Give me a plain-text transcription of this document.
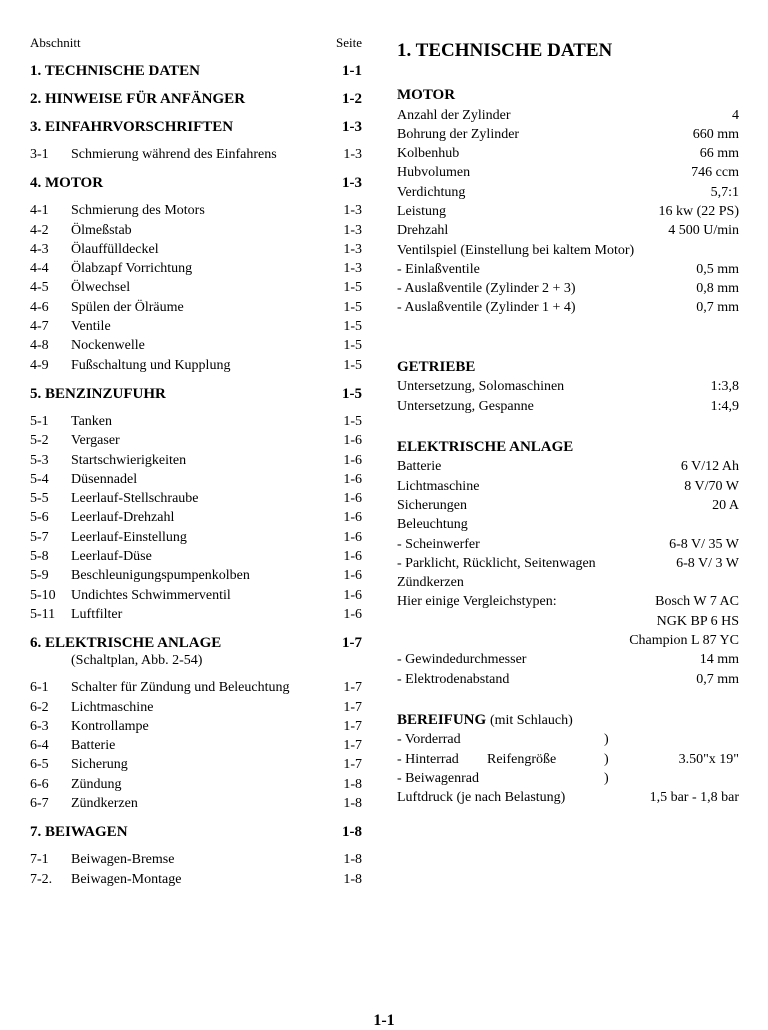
Abschnitt	Seite
1. TECHNISCHE DATEN	1-1
2. HINWEISE FÜR ANFÄNGER	1-2
3. EINFAHRVORSCHRIFTEN	1-3
3-1	Schmierung während des Einfahrens	1-3
4. MOTOR	1-3
4-1	Schmierung des Motors	1-3
4-2	Ölmeßstab	1-3
4-3	Ölauffülldeckel	1-3
4-4	Ölabzapf Vorrichtung	1-3
4-5	Ölwechsel	1-5
4-6	Spülen der Ölräume	1-5
4-7	Ventile	1-5
4-8	Nockenwelle	1-5
4-9	Fußschaltung und Kupplung	1-5
5. BENZINZUFUHR	1-5
5-1	Tanken	1-5
5-2	Vergaser	1-6
5-3	Startschwierigkeiten	1-6
5-4	Düsennadel	1-6
5-5	Leerlauf-Stellschraube	1-6
5-6	Leerlauf-Drehzahl	1-6
5-7	Leerlauf-Einstellung	1-6
5-8	Leerlauf-Düse	1-6
5-9	Beschleunigungspumpenkolben	1-6
5-10	Undichtes Schwimmerventil	1-6
5-11	Luftfilter	1-6
6. ELEKTRISCHE ANLAGE	1-7
(Schaltplan, Abb. 2-54)
6-1	Schalter für Zündung und Beleuchtung	1-7
6-2	Lichtmaschine	1-7
6-3	Kontrollampe	1-7
6-4	Batterie	1-7
6-5	Sicherung	1-7
6-6	Zündung	1-8
6-7	Zündkerzen	1-8
7. BEIWAGEN	1-8
7-1	Beiwagen-Bremse	1-8
7-2.	Beiwagen-Montage	1-8
1. TECHNISCHE DATEN
MOTOR
Anzahl der Zylinder	4
Bohrung der Zylinder	660 mm
Kolbenhub	66 mm
Hubvolumen	746 ccm
Verdichtung	5,7:1
Leistung	16 kw (22 PS)
Drehzahl	4 500 U/min
Ventilspiel (Einstellung bei kaltem Motor)
- Einlaßventile	0,5 mm
- Auslaßventile (Zylinder 2 + 3)	0,8 mm
- Auslaßventile (Zylinder 1 + 4)	0,7 mm
GETRIEBE
Untersetzung, Solomaschinen	1:3,8
Untersetzung, Gespanne	1:4,9
ELEKTRISCHE ANLAGE
Batterie	6 V/12 Ah
Lichtmaschine	8 V/70 W
Sicherungen	20 A
Beleuchtung
- Scheinwerfer	6-8 V/ 35 W
- Parklicht, Rücklicht, Seitenwagen	6-8 V/ 3 W
Zündkerzen
Hier einige Vergleichstypen:	Bosch W 7 AC
NGK BP 6 HS
Champion L 87 YC
- Gewindedurchmesser	14 mm
- Elektrodenabstand	0,7 mm
BEREIFUNG (mit Schlauch)
- Vorderrad	)
- Hinterrad Reifengröße	)	3.50"x 19"
- Beiwagenrad	)
Luftdruck (je nach Belastung)	1,5 bar - 1,8 bar
1-1
